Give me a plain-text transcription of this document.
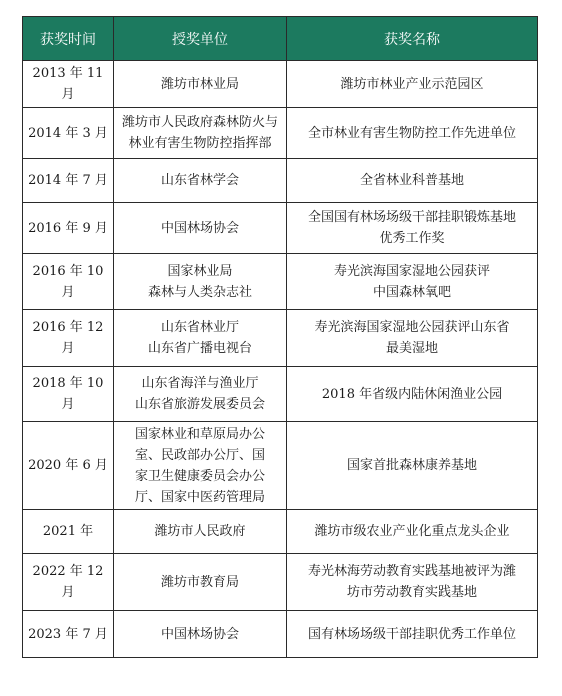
获奖时间	授奖单位	获奖名称
2013 年 11 月	潍坊市林业局	潍坊市林业产业示范园区

2014 年 3 月	潍坊市人民政府森林防火与
林业有害生物防控指挥部	全市林业有害生物防控工作先进单位

2014 年 7 月	山东省林学会	全省林业科普基地

2016 年 9 月	中国林场协会	全国国有林场场级干部挂职锻炼基地
优秀工作奖

2016 年 10 月	国家林业局
森林与人类杂志社	寿光滨海国家湿地公园获评
中国森林氧吧

2016 年 12 月	山东省林业厅
山东省广播电视台	寿光滨海国家湿地公园获评山东省
最美湿地

2018 年 10 月	山东省海洋与渔业厅
山东省旅游发展委员会	2018 年省级内陆休闲渔业公园

2020 年 6 月	国家林业和草原局办公
室、民政部办公厅、国
家卫生健康委员会办公
厅、国家中医药管理局	国家首批森林康养基地

2021 年	潍坊市人民政府	潍坊市级农业产业化重点龙头企业

2022 年 12 月	潍坊市教育局	寿光林海劳动教育实践基地被评为潍
坊市劳动教育实践基地

2023 年 7 月	中国林场协会	国有林场场级干部挂职优秀工作单位
